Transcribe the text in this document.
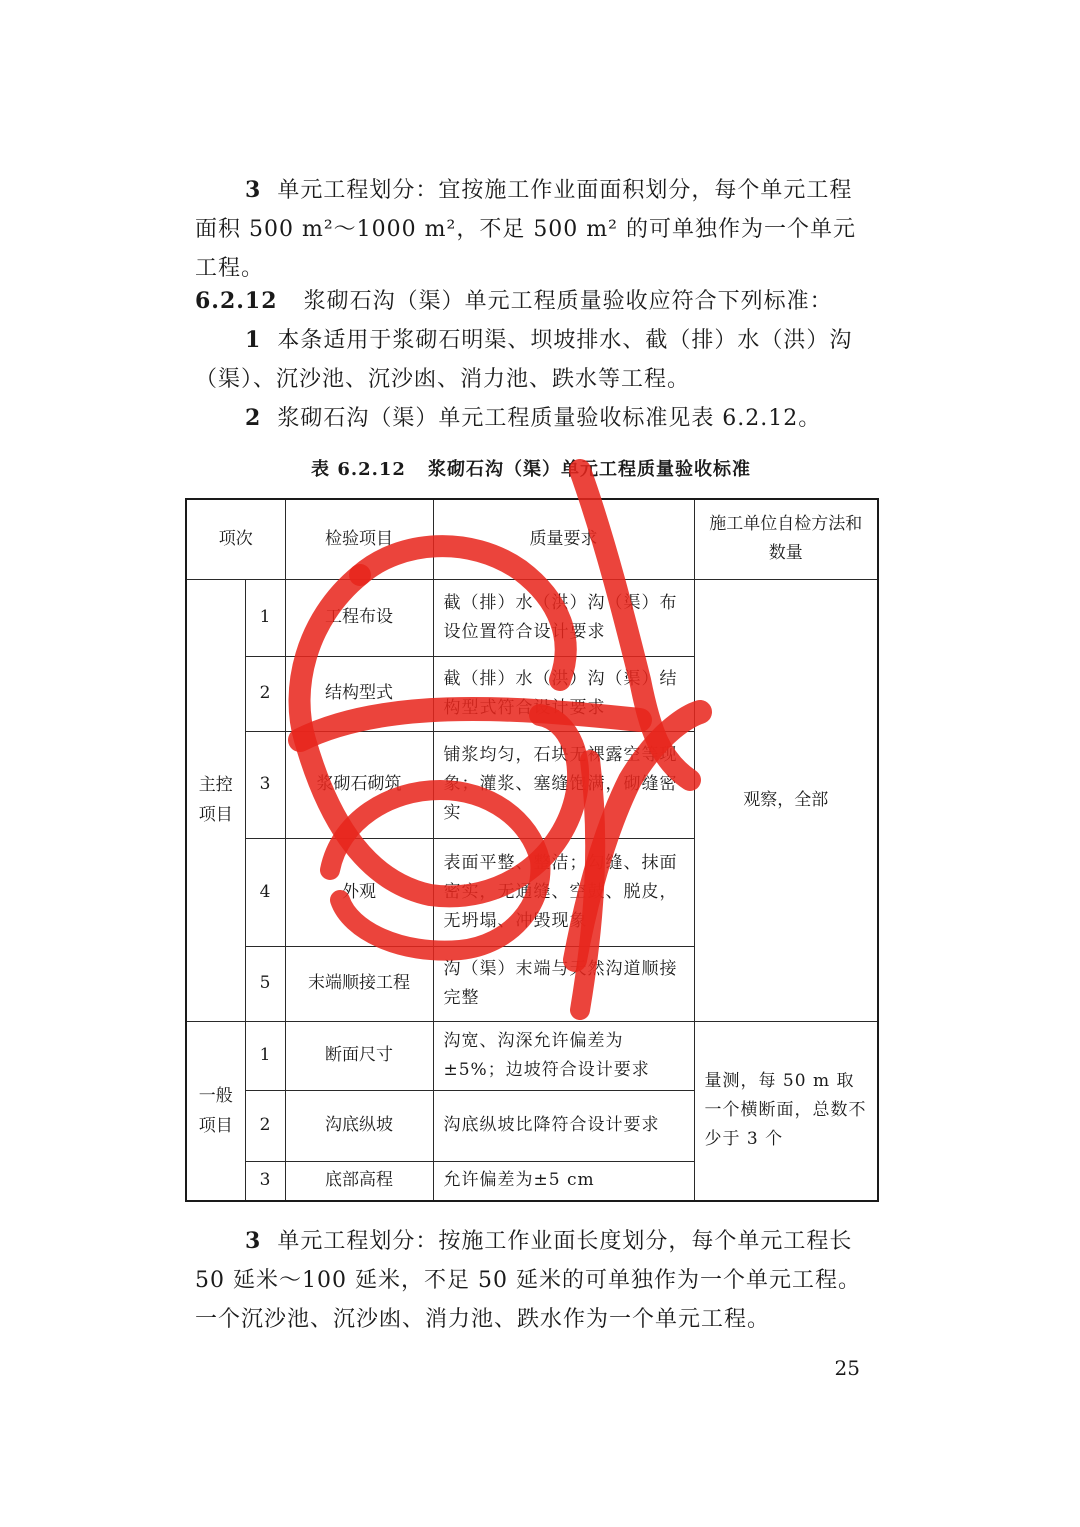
3 单元工程划分：宜按施工作业面面积划分，每个单元工程面积 500 m²～1000 m²，不足 500 m² 的可单独作为一个单元工程。

6.2.12 浆砌石沟（渠）单元工程质量验收应符合下列标准：

1 本条适用于浆砌石明渠、坝坡排水、截（排）水（洪）沟（渠）、沉沙池、沉沙凼、消力池、跌水等工程。

2 浆砌石沟（渠）单元工程质量验收标准见表 6.2.12。

表 6.2.12 浆砌石沟（渠）单元工程质量验收标准
项次		检验项目	质量要求	施工单位自检方法和数量
主控项目	1	工程布设	截（排）水（洪）沟（渠）布设位置符合设计要求	观察，全部
	2	结构型式	截（排）水（洪）沟（渠）结构型式符合设计要求	
	3	浆砌石砌筑	铺浆均匀，石块无裸露空等现象；灌浆、塞缝饱满，砌缝密实	
	4	外观	表面平整、整洁；勾缝、抹面密实，无通缝、空鼓、脱皮，无坍塌、冲毁现象	
	5	末端顺接工程	沟（渠）末端与天然沟道顺接完整	
一般项目	1	断面尺寸	沟宽、沟深允许偏差为±5%；边坡符合设计要求	量测，每 50 m 取一个横断面，总数不少于 3 个
	2	沟底纵坡	沟底纵坡比降符合设计要求	
	3	底部高程	允许偏差为±5 cm	

3 单元工程划分：按施工作业面长度划分，每个单元工程长 50 延米～100 延米，不足 50 延米的可单独作为一个单元工程。一个沉沙池、沉沙凼、消力池、跌水作为一个单元工程。

25
